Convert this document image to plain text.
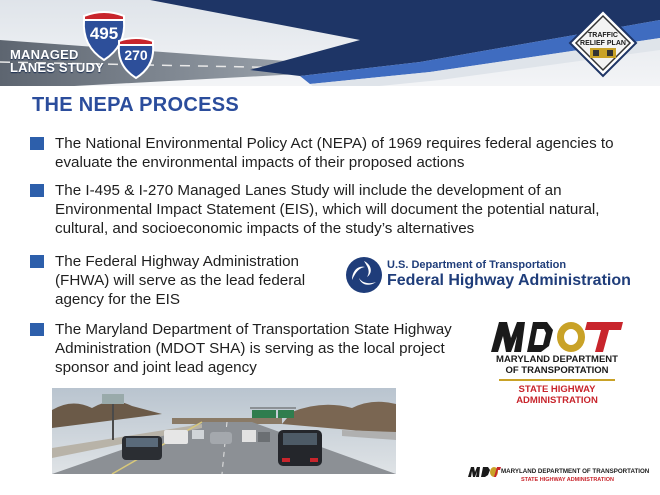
495
270
MANAGED
LANES STUDY
TRAFFIC
RELIEF PLAN
THE NEPA PROCESS
The National Environmental Policy Act (NEPA) of 1969 requires federal agencies to evaluate the environmental impacts of their proposed actions
The I-495 & I-270 Managed Lanes Study will include the development of an Environmental Impact Statement (EIS), which will document the potential natural, cultural, and socioeconomic impacts of the study’s alternatives
The Federal Highway Administration (FHWA) will serve as the lead federal agency for the EIS
The Maryland Department of Transportation State Highway Administration (MDOT SHA) is serving as the local project sponsor and joint lead agency
U.S. Department of Transportation
Federal Highway Administration
MARYLAND DEPARTMENT
OF TRANSPORTATION
STATE HIGHWAY
ADMINISTRATION
MARYLAND DEPARTMENT OF TRANSPORTATION
STATE HIGHWAY ADMINISTRATION
